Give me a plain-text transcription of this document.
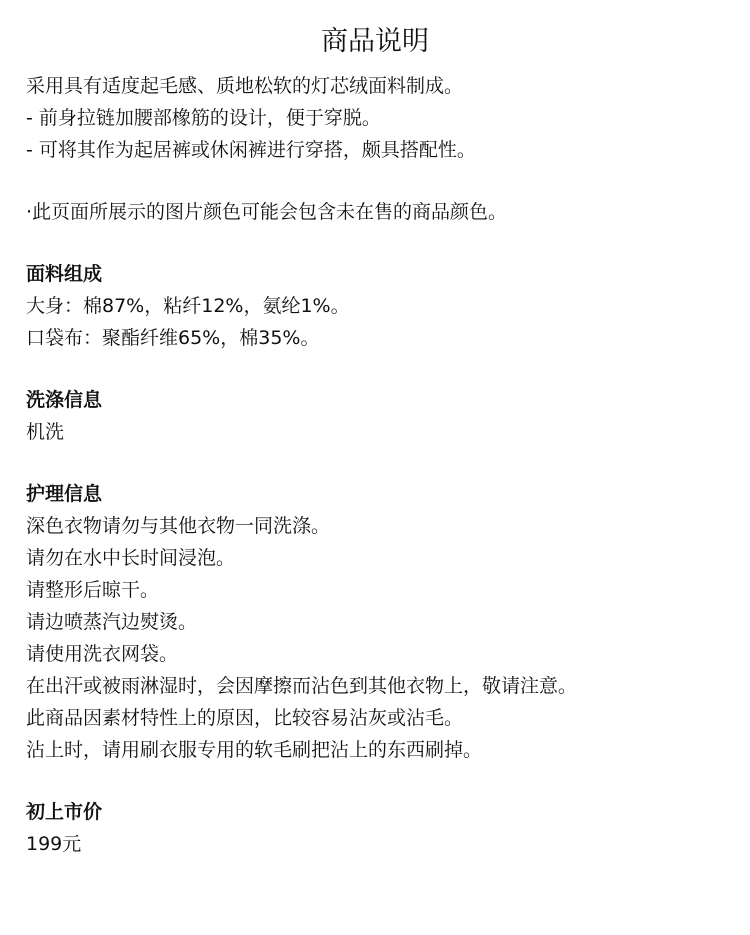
商品说明
采用具有适度起毛感、质地松软的灯芯绒面料制成。
- 前身拉链加腰部橡筋的设计，便于穿脱。
- 可将其作为起居裤或休闲裤进行穿搭，颇具搭配性。
·此页面所展示的图片颜色可能会包含未在售的商品颜色。
面料组成
大身：棉87%，粘纤12%，氨纶1%。
口袋布：聚酯纤维65%，棉35%。
洗涤信息
机洗
护理信息
深色衣物请勿与其他衣物一同洗涤。
请勿在水中长时间浸泡。
请整形后晾干。
请边喷蒸汽边熨烫。
请使用洗衣网袋。
在出汗或被雨淋湿时，会因摩擦而沾色到其他衣物上，敬请注意。
此商品因素材特性上的原因，比较容易沾灰或沾毛。
沾上时，请用刷衣服专用的软毛刷把沾上的东西刷掉。
初上市价
199元
